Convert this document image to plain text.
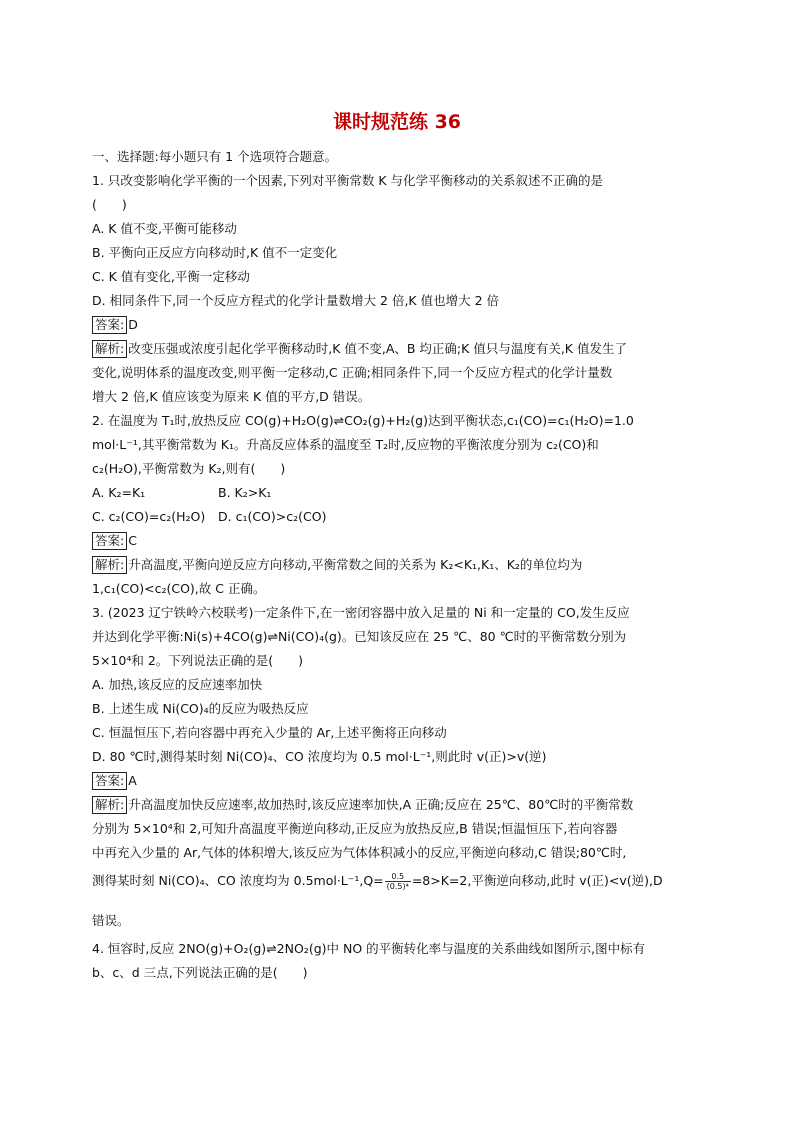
课时规范练 36
一、选择题:每小题只有 1 个选项符合题意。
1. 只改变影响化学平衡的一个因素,下列对平衡常数 K 与化学平衡移动的关系叙述不正确的是
(　　)
A. K 值不变,平衡可能移动
B. 平衡向正反应方向移动时,K 值不一定变化
C. K 值有变化,平衡一定移动
D. 相同条件下,同一个反应方程式的化学计量数增大 2 倍,K 值也增大 2 倍
答案: D
解析: 改变压强或浓度引起化学平衡移动时,K 值不变,A、B 均正确;K 值只与温度有关,K 值发生了
变化,说明体系的温度改变,则平衡一定移动,C 正确;相同条件下,同一个反应方程式的化学计量数
增大 2 倍,K 值应该变为原来 K 值的平方,D 错误。
2. 在温度为 T₁时,放热反应 CO(g)+H₂O(g)⇌CO₂(g)+H₂(g)达到平衡状态,c₁(CO)=c₁(H₂O)=1.0
mol·L⁻¹,其平衡常数为 K₁。升高反应体系的温度至 T₂时,反应物的平衡浓度分别为 c₂(CO)和
c₂(H₂O),平衡常数为 K₂,则有(　　)
A. K₂=K₁	B. K₂>K₁
C. c₂(CO)=c₂(H₂O) D. c₁(CO)>c₂(CO)
答案: C
解析: 升高温度,平衡向逆反应方向移动,平衡常数之间的关系为 K₂<K₁,K₁、K₂的单位均为
1,c₁(CO)<c₂(CO),故 C 正确。
3. (2023 辽宁铁岭六校联考)一定条件下,在一密闭容器中放入足量的 Ni 和一定量的 CO,发生反应
并达到化学平衡:Ni(s)+4CO(g)⇌Ni(CO)₄(g)。已知该反应在 25 ℃、80 ℃时的平衡常数分别为
5×10⁴和 2。下列说法正确的是(　　)
A. 加热,该反应的反应速率加快
B. 上述生成 Ni(CO)₄的反应为吸热反应
C. 恒温恒压下,若向容器中再充入少量的 Ar,上述平衡将正向移动
D. 80 ℃时,测得某时刻 Ni(CO)₄、CO 浓度均为 0.5 mol·L⁻¹,则此时 v(正)>v(逆)
答案: A
解析: 升高温度加快反应速率,故加热时,该反应速率加快,A 正确;反应在 25℃、80℃时的平衡常数
分别为 5×10⁴和 2,可知升高温度平衡逆向移动,正反应为放热反应,B 错误;恒温恒压下,若向容器
中再充入少量的 Ar,气体的体积增大,该反应为气体体积减小的反应,平衡逆向移动,C 错误;80℃时,
测得某时刻 Ni(CO)₄、CO 浓度均为 $0.5mol\cdot L^{-1},Q= \frac{0.5}{\text{(0.5)⁴}} =8>K=2$,平衡逆向移动,此时 v(正)<v(逆),D
错误。
4. 恒容时,反应 2NO(g)+O₂(g)⇌2NO₂(g)中 NO 的平衡转化率与温度的关系曲线如图所示,图中标有
b、c、d 三点,下列说法正确的是(　　)
